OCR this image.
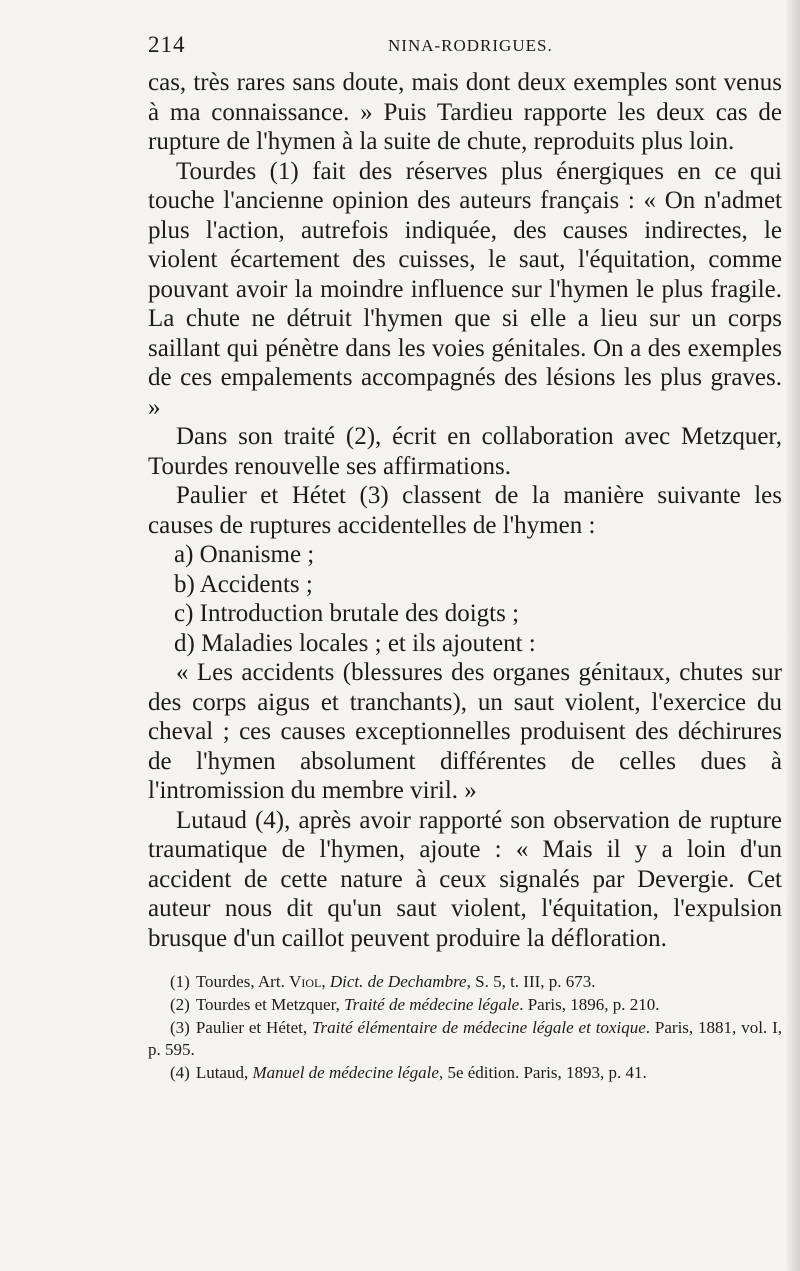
214	NINA-RODRIGUES.

cas, très rares sans doute, mais dont deux exemples sont venus à ma connaissance. » Puis Tardieu rapporte les deux cas de rupture de l'hymen à la suite de chute, reproduits plus loin.

Tourdes (1) fait des réserves plus énergiques en ce qui touche l'ancienne opinion des auteurs français : « On n'admet plus l'action, autrefois indiquée, des causes indirectes, le violent écartement des cuisses, le saut, l'équitation, comme pouvant avoir la moindre influence sur l'hymen le plus fragile. La chute ne détruit l'hymen que si elle a lieu sur un corps saillant qui pénètre dans les voies génitales. On a des exemples de ces empalements accompagnés des lésions les plus graves. »

Dans son traité (2), écrit en collaboration avec Metzquer, Tourdes renouvelle ses affirmations.

Paulier et Hétet (3) classent de la manière suivante les causes de ruptures accidentelles de l'hymen :

a) Onanisme ;

b) Accidents ;

c) Introduction brutale des doigts ;

d) Maladies locales ; et ils ajoutent :

« Les accidents (blessures des organes génitaux, chutes sur des corps aigus et tranchants), un saut violent, l'exercice du cheval ; ces causes exceptionnelles produisent des déchirures de l'hymen absolument différentes de celles dues à l'intromission du membre viril. »

Lutaud (4), après avoir rapporté son observation de rupture traumatique de l'hymen, ajoute : « Mais il y a loin d'un accident de cette nature à ceux signalés par Devergie. Cet auteur nous dit qu'un saut violent, l'équitation, l'expulsion brusque d'un caillot peuvent produire la défloration.

(1) Tourdes, Art. Viol, Dict. de Dechambre, S. 5, t. III, p. 673.

(2) Tourdes et Metzquer, Traité de médecine légale. Paris, 1896, p. 210.

(3) Paulier et Hétet, Traité élémentaire de médecine légale et toxique. Paris, 1881, vol. I, p. 595.

(4) Lutaud, Manuel de médecine légale, 5e édition. Paris, 1893, p. 41.
